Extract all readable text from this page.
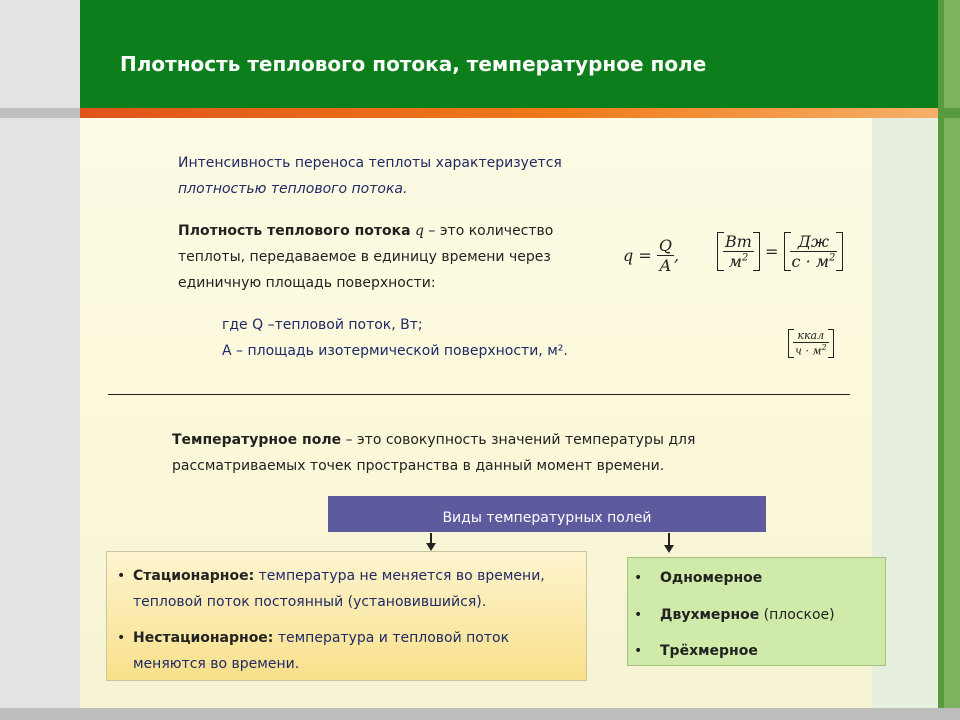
Плотность теплового потока, температурное поле
Интенсивность переноса теплоты характеризуется
плотностью теплового потока.
Плотность теплового потока q – это количество
теплоты, передаваемое в единицу времени через
единичную площадь поверхности:
$q = \frac{Q}{A}$ ,	$\frac{Вт}{м^2} = \frac{Дж}{с \cdot м^2}$
где Q –тепловой поток, Вт;
А – площадь изотермической поверхности, м².	$\frac{\text{ккал}}{ч \cdot м^2}$
Температурное поле – это совокупность значений температуры для
рассматриваемых точек пространства в данный момент времени.
Виды температурных полей
• Стационарное: температура не меняется во времени,
тепловой поток постоянный (установившийся).
• Нестационарное: температура и тепловой поток
меняются во времени.
• Одномерное
• Двухмерное (плоское)
• Трёхмерное
